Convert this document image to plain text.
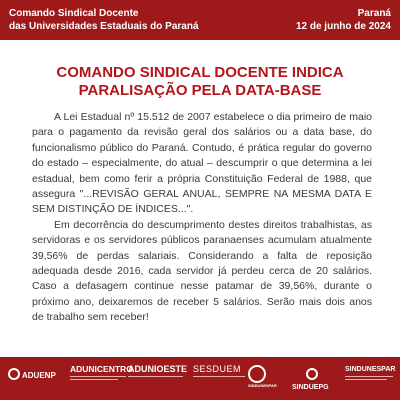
Comando Sindical Docente
das Universidades Estaduais do Paraná
Paraná
12 de junho de 2024
COMANDO SINDICAL DOCENTE INDICA
PARALISAÇÃO PELA DATA-BASE

A Lei Estadual nº 15.512 de 2007 estabelece o dia primeiro de maio para o pagamento da revisão geral dos salários ou a data base, do funcionalismo público do Paraná. Contudo, é prática regular do governo do estado – especialmente, do atual – descumprir o que determina a lei estadual, bem como ferir a própria Constituição Federal de 1988, que assegura "...REVISÃO GERAL ANUAL, SEMPRE NA MESMA DATA E SEM DISTINÇÃO DE ÍNDICES...".

Em decorrência do descumprimento destes direitos trabalhistas, as servidoras e os servidores públicos paranaenses acumulam atualmente 39,56% de perdas salariais. Considerando a falta de reposição adequada desde 2016, cada servidor já perdeu cerca de 20 salários. Caso a defasagem continue nesse patamar de 39,56%, durante o próximo ano, deixaremos de receber 5 salários. Serão mais dois anos de trabalho sem receber!

ADUENP
ADUNICENTRO
ADUNIOESTE SESDUEM
SINDUNESPAR SINDUEPG
SINDUNESPAR
